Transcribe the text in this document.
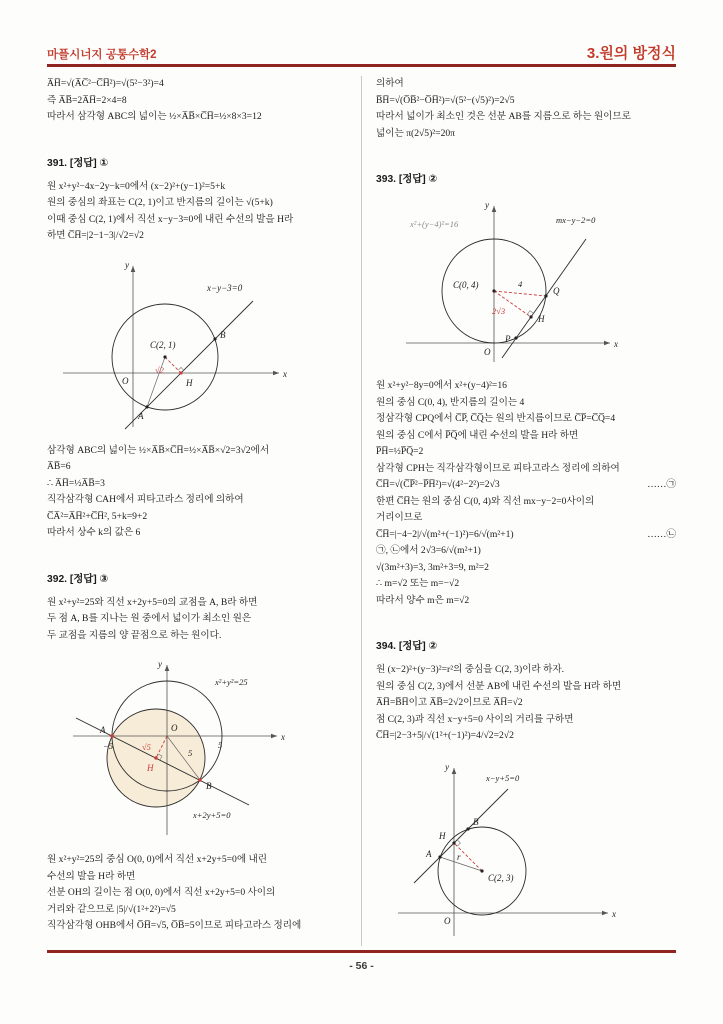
마플시너지 공통수학2	3.원의 방정식
A̅H̅=√(A̅C̅²−C̅H̅²)=√(5²−3²)=4
즉 A̅B̅=2A̅H̅=2×4=8
따라서 삼각형 ABC의 넓이는 ½×A̅B̅×C̅H̅=½×8×3=12
391. [정답] ①
원 x²+y²−4x−2y−k=0에서 (x−2)²+(y−1)²=5+k
원의 중심의 좌표는 C(2, 1)이고 반지름의 길이는 √(5+k)
이때 중심 C(2, 1)에서 직선 x−y−3=0에 내린 수선의 발을 H라
하면 C̅H̅=|2−1−3|/√2=√2
x−y−3=0
C(2, 1)
B
A
H
O
√2	x
y
삼각형 ABC의 넓이는 ½×A̅B̅×C̅H̅=½×A̅B̅×√2=3√2에서
A̅B̅=6
∴ A̅H̅=½A̅B̅=3
직각삼각형 CAH에서 피타고라스 정리에 의하여
C̅A̅²=A̅H̅²+C̅H̅², 5+k=9+2
따라서 상수 k의 값은 6
392. [정답] ③
원 x²+y²=25와 직선 x+2y+5=0의 교점을 A, B라 하면
두 점 A, B를 지나는 원 중에서 넓이가 최소인 원은
두 교점을 지름의 양 끝점으로 하는 원이다.
x²+y²=25
x+2y+5=0
A
B
H
O
−5	5
5
√5
x
y
원 x²+y²=25의 중심 O(0, 0)에서 직선 x+2y+5=0에 내린
수선의 발을 H라 하면
선분 OH의 길이는 점 O(0, 0)에서 직선 x+2y+5=0 사이의
거리와 같으므로 |5|/√(1²+2²)=√5
직각삼각형 OHB에서 O̅H̅=√5, O̅B̅=5이므로 피타고라스 정리에
의하여
B̅H̅=√(O̅B̅²−O̅H̅²)=√(5²−(√5)²)=2√5
따라서 넓이가 최소인 것은 선분 AB를 지름으로 하는 원이므로
넓이는 π(2√5)²=20π
393. [정답] ②
x²+(y−4)²=16	mx−y−2=0
C(0, 4)
Q
P
H
O
4
2√3
x
y
원 x²+y²−8y=0에서 x²+(y−4)²=16
원의 중심 C(0, 4), 반지름의 길이는 4
정삼각형 CPQ에서 C̅P̅, C̅Q̅는 원의 반지름이므로 C̅P̅=C̅Q̅=4
원의 중심 C에서 P̅Q̅에 내린 수선의 발을 H라 하면
P̅H̅=½P̅Q̅=2
삼각형 CPH는 직각삼각형이므로 피타고라스 정리에 의하여
C̅H̅=√(C̅P̅²−P̅H̅²)=√(4²−2²)=2√3	……㉠
한편 C̅H̅는 원의 중심 C(0, 4)와 직선 mx−y−2=0사이의
거리이므로
C̅H̅=|−4−2|/√(m²+(−1)²)=6/√(m²+1)	……㉡
㉠, ㉡에서 2√3=6/√(m²+1)
√(3m²+3)=3, 3m²+3=9, m²=2
∴ m=√2 또는 m=−√2
따라서 양수 m은 m=√2
394. [정답] ②
원 (x−2)²+(y−3)²=r²의 중심을 C(2, 3)이라 하자.
원의 중심 C(2, 3)에서 선분 AB에 내린 수선의 발을 H라 하면
A̅H̅=B̅H̅이고 A̅B̅=2√2이므로 A̅H̅=√2
점 C(2, 3)과 직선 x−y+5=0 사이의 거리를 구하면
C̅H̅=|2−3+5|/√(1²+(−1)²)=4/√2=2√2
x−y+5=0
H
B
A
C(2, 3)
r
O
x
y
- 56 -
